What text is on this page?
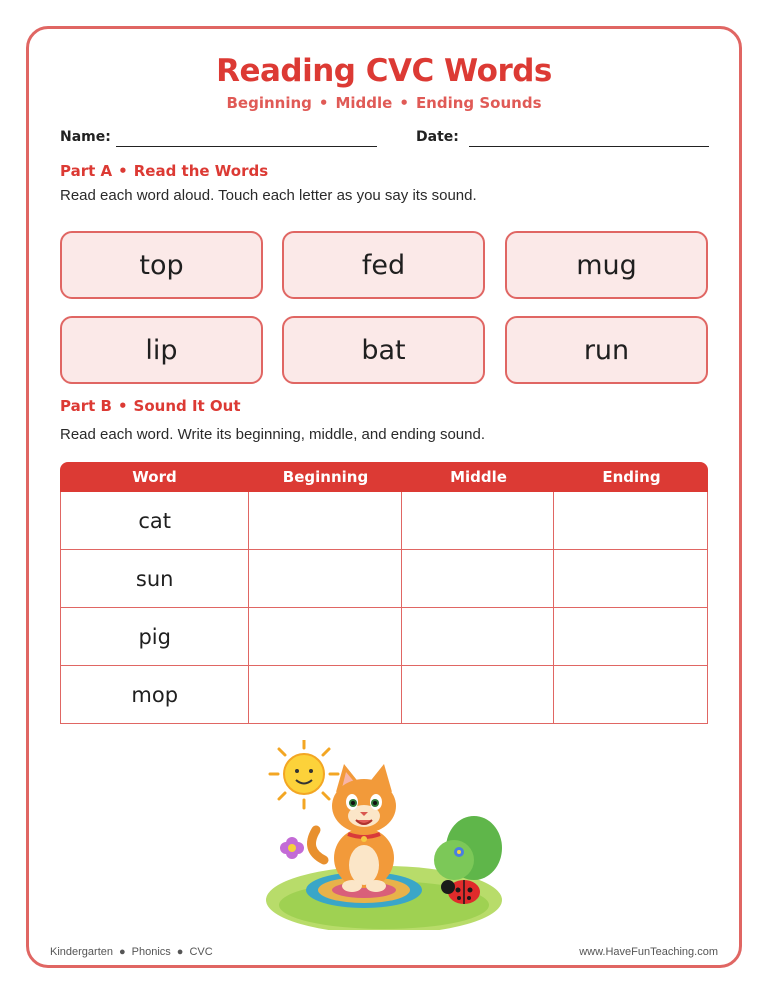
Reading CVC Words
Beginning • Middle • Ending Sounds
Name:	Date:
Part A • Read the Words
Read each word aloud. Touch each letter as you say its sound.
top	fed	mug
lip	bat	run
Part B • Sound It Out
Read each word. Write its beginning, middle, and ending sound.
Word	Beginning	Middle	Ending
cat
sun
pig
mop
Kindergarten ● Phonics ● CVC	www.HaveFunTeaching.com
